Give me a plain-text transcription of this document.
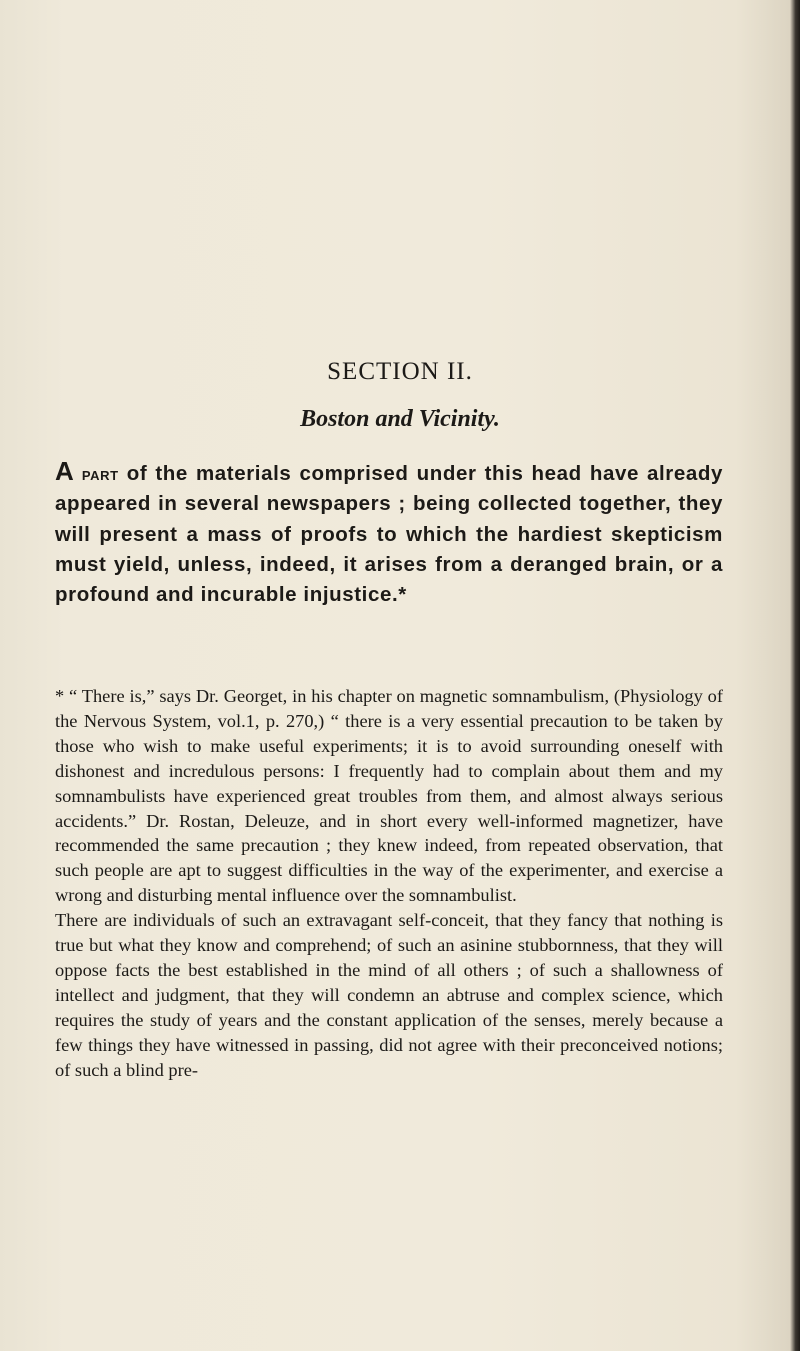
SECTION II.
Boston and Vicinity.

A part of the materials comprised under this head have already appeared in several newspapers ; being collected together, they will present a mass of proofs to which the hardiest skepticism must yield, unless, indeed, it arises from a deranged brain, or a profound and incurable injustice.*

* “ There is,” says Dr. Georget, in his chapter on magnetic somnambulism, (Physiology of the Nervous System, vol.1, p. 270,) “ there is a very essential precaution to be taken by those who wish to make useful experiments; it is to avoid surrounding oneself with dishonest and incredulous persons: I frequently had to complain about them and my somnambulists have experienced great troubles from them, and almost always serious accidents.” Dr. Rostan, Deleuze, and in short every well-informed magnetizer, have recommended the same precaution ; they knew indeed, from repeated observation, that such people are apt to suggest difficulties in the way of the experimenter, and exercise a wrong and disturbing mental influence over the somnambulist.

There are individuals of such an extravagant self-conceit, that they fancy that nothing is true but what they know and comprehend; of such an asinine stubbornness, that they will oppose facts the best established in the mind of all others ; of such a shallowness of intellect and judgment, that they will condemn an abtruse and complex science, which requires the study of years and the constant application of the senses, merely because a few things they have witnessed in passing, did not agree with their preconceived notions; of such a blind pre-
